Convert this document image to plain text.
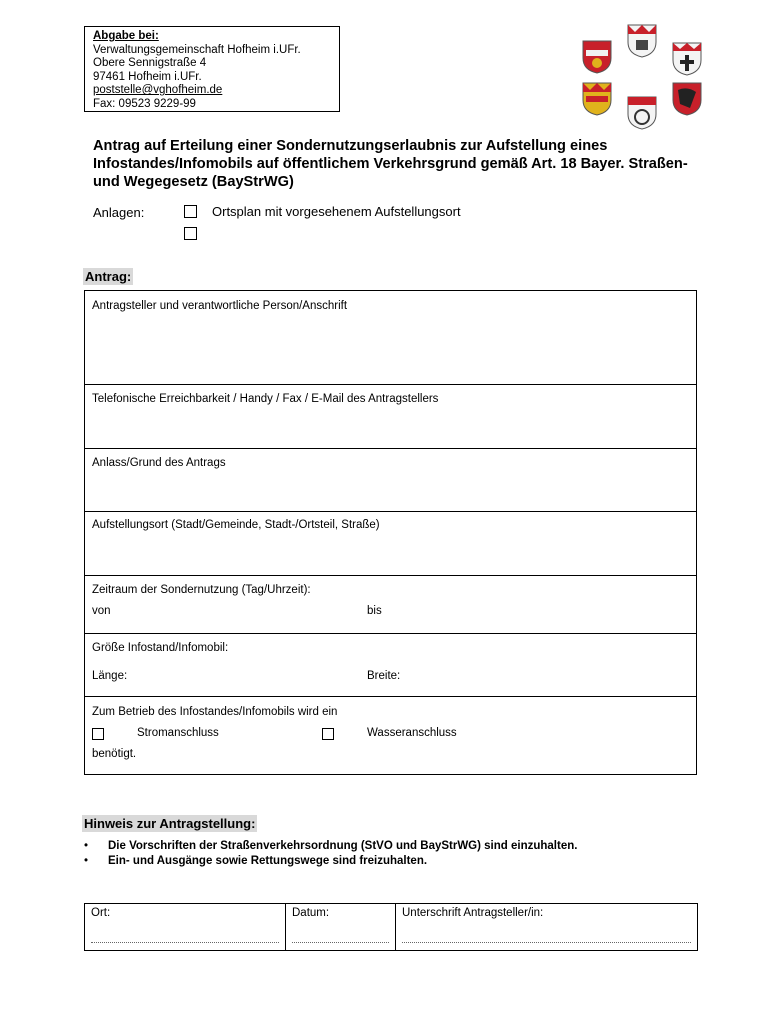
Abgabe bei:
Verwaltungsgemeinschaft Hofheim i.UFr.
Obere Sennigstraße 4
97461 Hofheim i.UFr.
poststelle@vghofheim.de
Fax: 09523 9229-99
Antrag auf Erteilung einer Sondernutzungserlaubnis zur Aufstellung eines Infostandes/Infomobils auf öffentlichem Verkehrsgrund gemäß Art. 18 Bayer. Straßen- und Wegegesetz (BayStrWG)
Anlagen:	Ortsplan mit vorgesehenem Aufstellungsort
Antrag:
Antragsteller und verantwortliche Person/Anschrift
Telefonische Erreichbarkeit / Handy / Fax / E-Mail des Antragstellers
Anlass/Grund des Antrags
Aufstellungsort (Stadt/Gemeinde, Stadt-/Ortsteil, Straße)
Zeitraum der Sondernutzung (Tag/Uhrzeit):
von	bis
Größe Infostand/Infomobil:
Länge:	Breite:
Zum Betrieb des Infostandes/Infomobils wird ein
Stromanschluss	Wasseranschluss
benötigt.
Hinweis zur Antragstellung:
• Die Vorschriften der Straßenverkehrsordnung (StVO und BayStrWG) sind einzuhalten.
• Ein- und Ausgänge sowie Rettungswege sind freizuhalten.
Ort:	Datum:	Unterschrift Antragsteller/in:
